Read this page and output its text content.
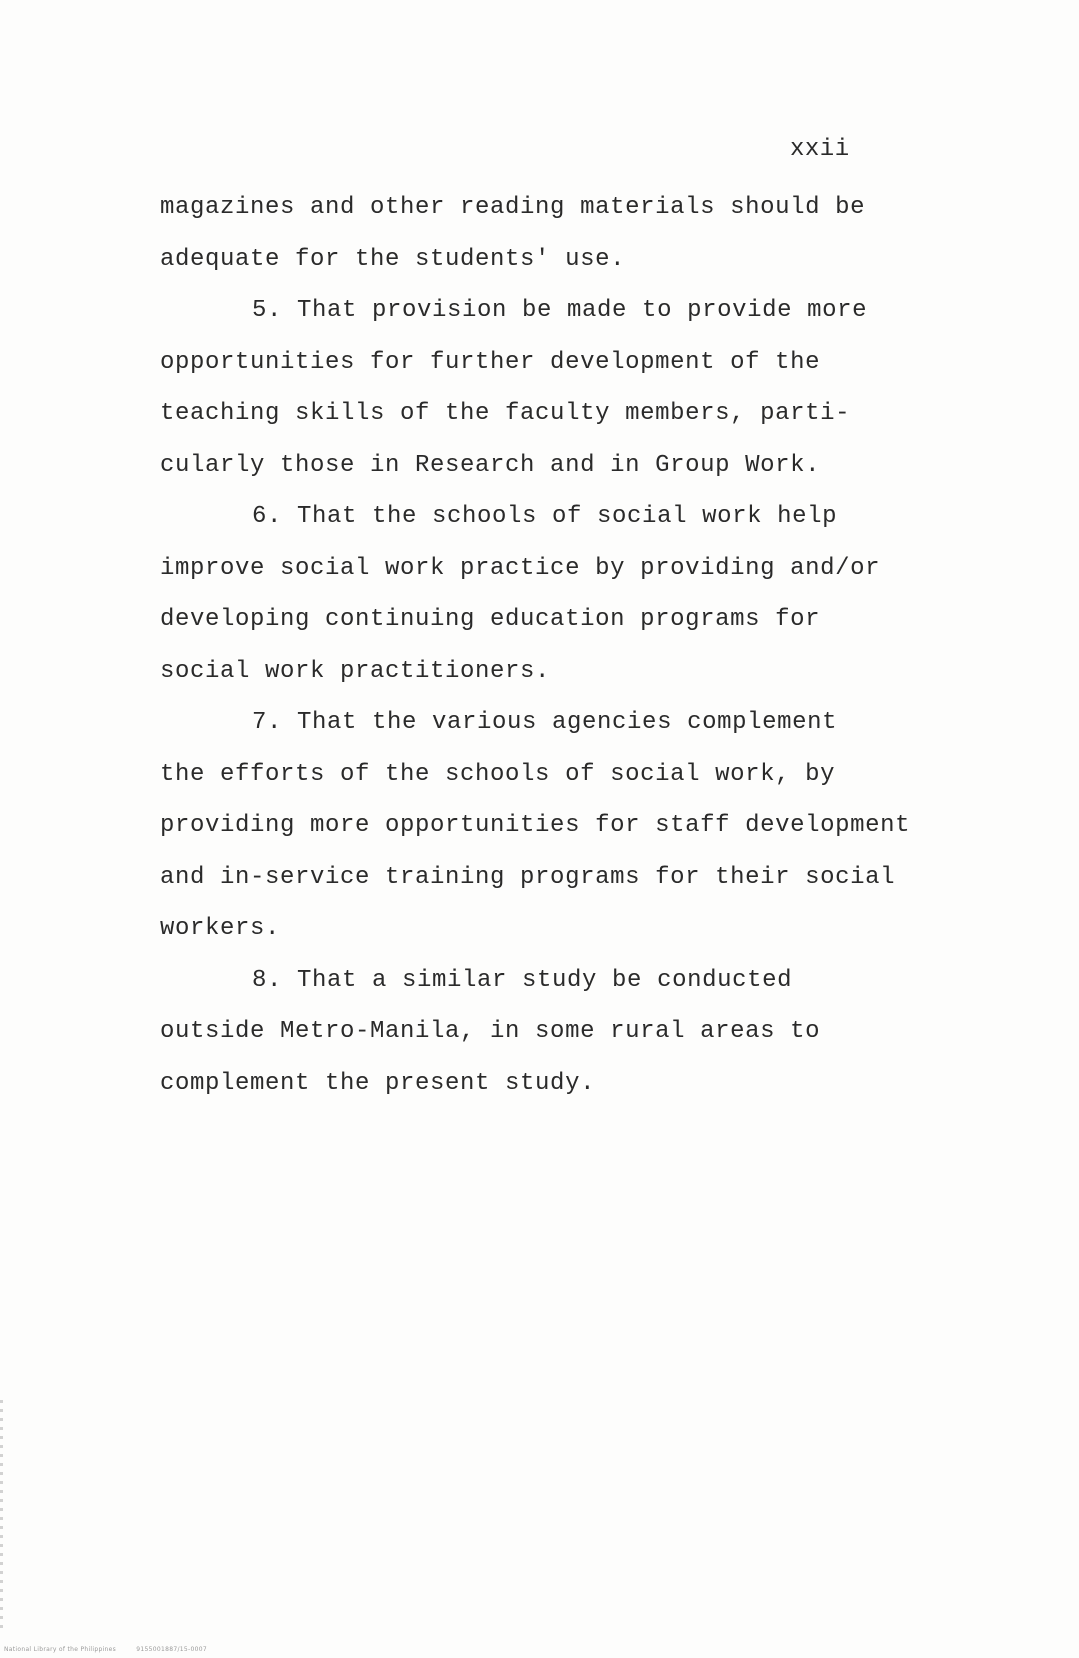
xxii
magazines and other reading materials should be
adequate for the students' use.
5. That provision be made to provide more
opportunities for further development of the
teaching skills of the faculty members, parti-
cularly those in Research and in Group Work.
6. That the schools of social work help
improve social work practice by providing and/or
developing continuing education programs for
social work practitioners.
7. That the various agencies complement
the efforts of the schools of social work, by
providing more opportunities for staff development
and in-service training programs for their social
workers.
8. That a similar study be conducted
outside Metro-Manila, in some rural areas to
complement the present study.
National Library of the Philippines	9155001887/15-0007
